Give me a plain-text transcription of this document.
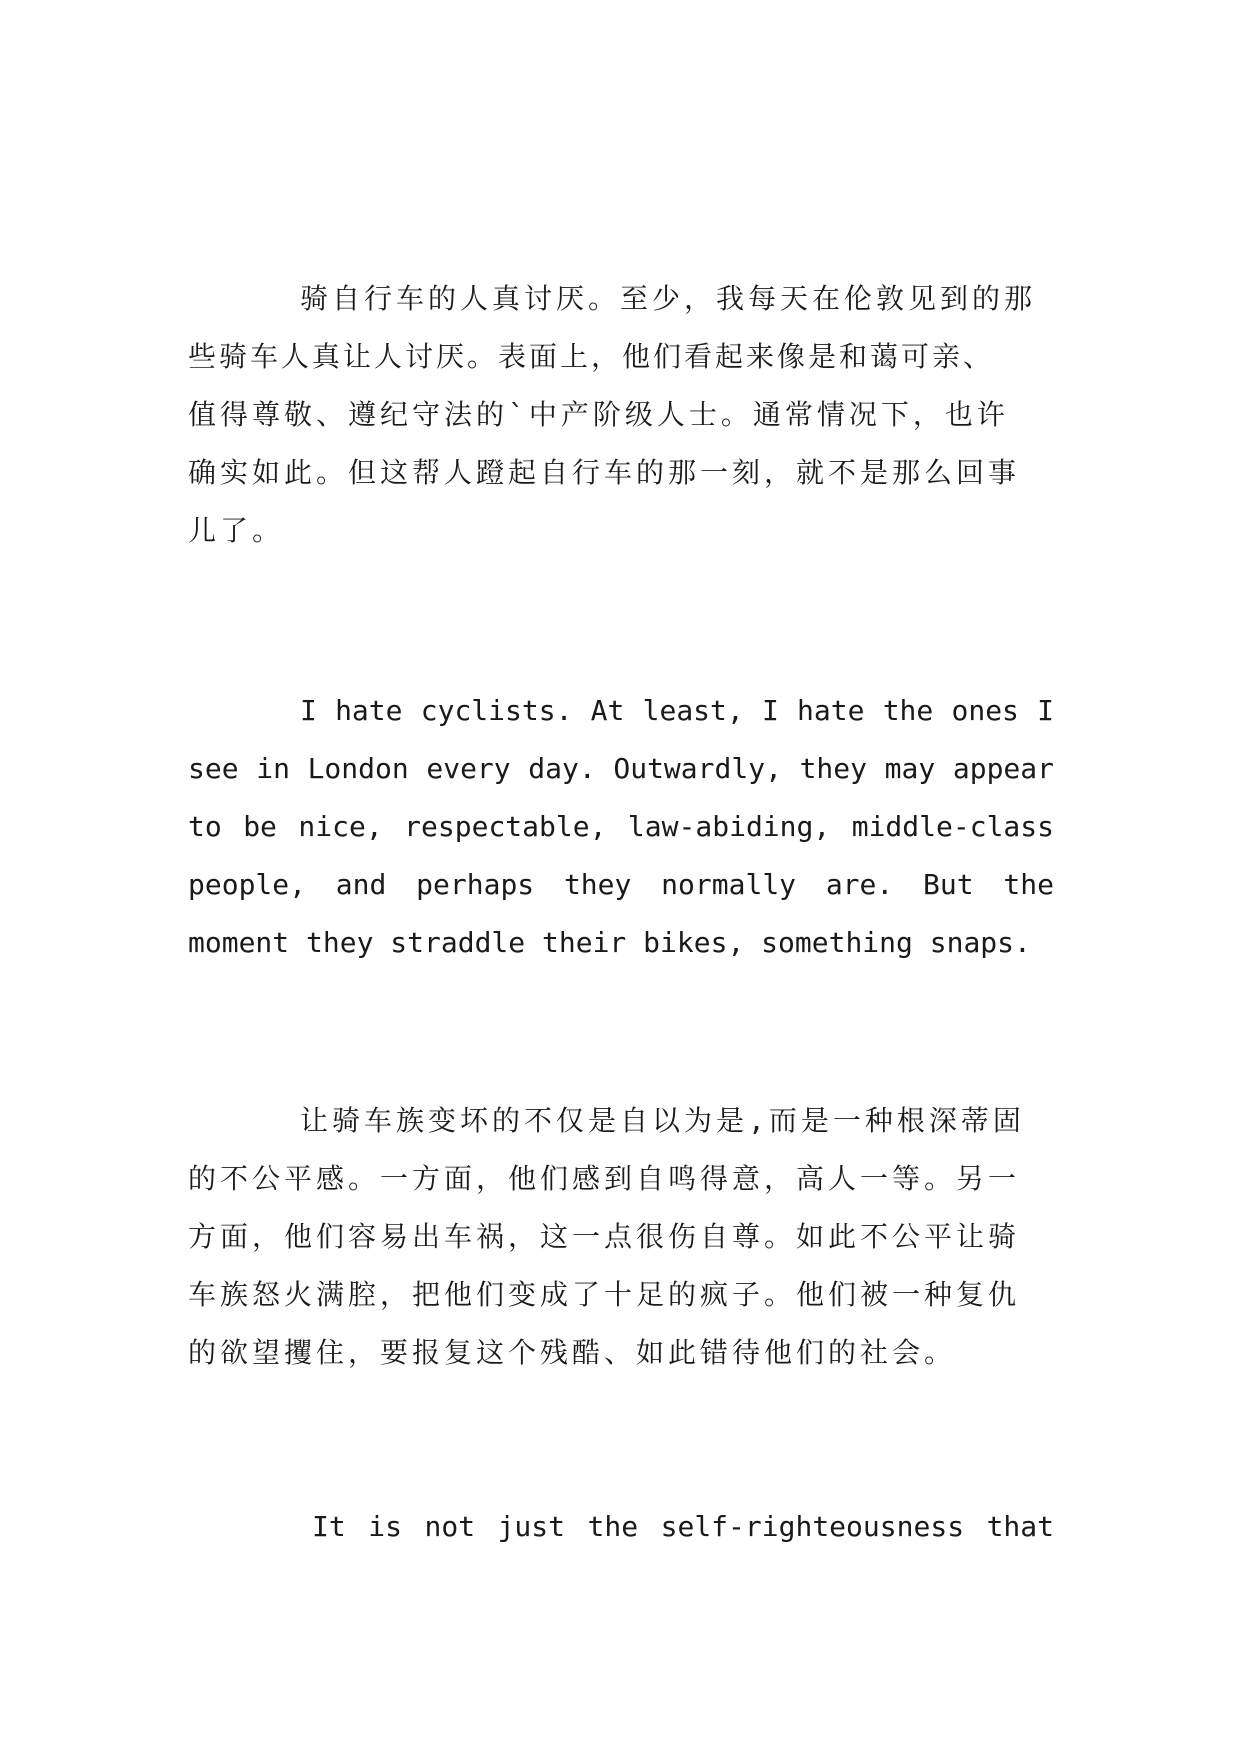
骑自行车的人真讨厌。至少，我每天在伦敦见到的那
些骑车人真让人讨厌。表面上，他们看起来像是和蔼可亲、
值得尊敬、遵纪守法的`中产阶级人士。通常情况下，也许
确实如此。但这帮人蹬起自行车的那一刻，就不是那么回事
儿了。
I hate cyclists. At least, I hate the ones I
see in London every day. Outwardly, they may appear
to be nice, respectable, law-abiding, middle-class
people, and perhaps they normally are. But the
moment they straddle their bikes, something snaps.
让骑车族变坏的不仅是自以为是,而是一种根深蒂固
的不公平感。一方面，他们感到自鸣得意，高人一等。另一
方面，他们容易出车祸，这一点很伤自尊。如此不公平让骑
车族怒火满腔，把他们变成了十足的疯子。他们被一种复仇
的欲望攫住，要报复这个残酷、如此错待他们的社会。
It is not just the self-righteousness that
